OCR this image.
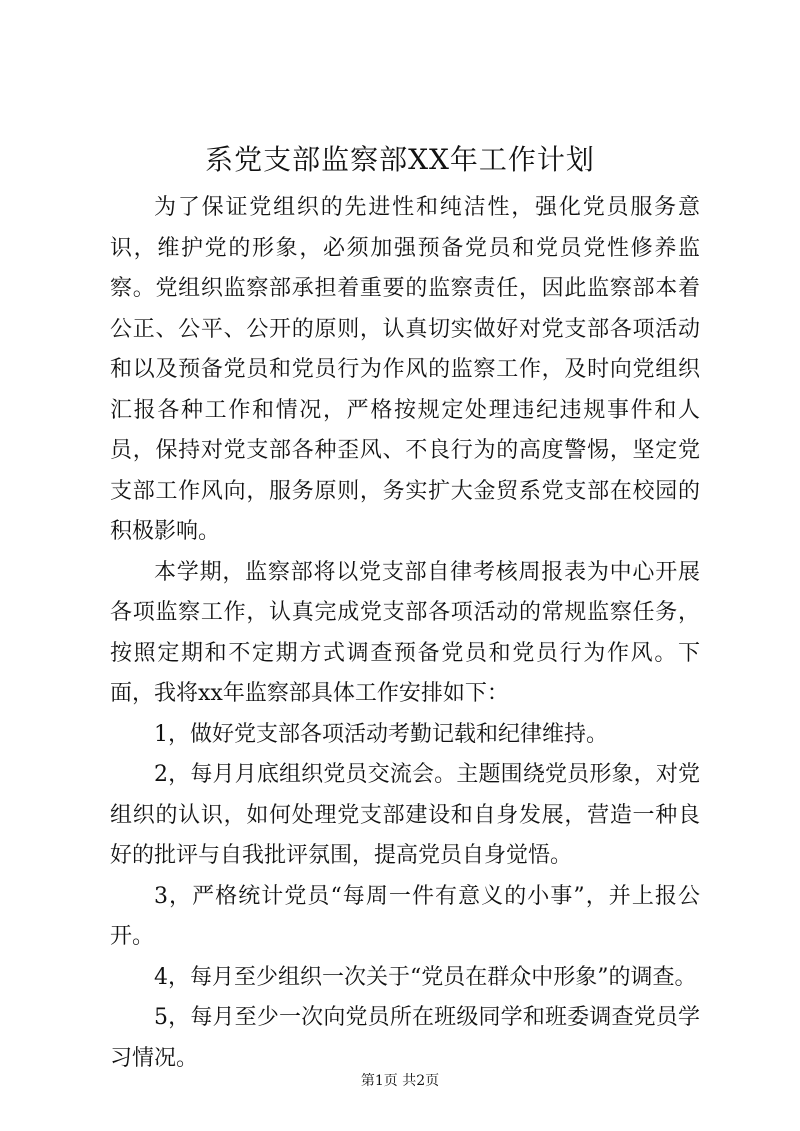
系党支部监察部XX年工作计划

为了保证党组织的先进性和纯洁性，强化党员服务意识，维护党的形象，必须加强预备党员和党员党性修养监察。党组织监察部承担着重要的监察责任，因此监察部本着公正、公平、公开的原则，认真切实做好对党支部各项活动和以及预备党员和党员行为作风的监察工作，及时向党组织汇报各种工作和情况，严格按规定处理违纪违规事件和人员，保持对党支部各种歪风、不良行为的高度警惕，坚定党支部工作风向，服务原则，务实扩大金贸系党支部在校园的积极影响。

本学期，监察部将以党支部自律考核周报表为中心开展各项监察工作，认真完成党支部各项活动的常规监察任务，按照定期和不定期方式调查预备党员和党员行为作风。下面，我将xx年监察部具体工作安排如下：

1，做好党支部各项活动考勤记载和纪律维持。

2，每月月底组织党员交流会。主题围绕党员形象，对党组织的认识，如何处理党支部建设和自身发展，营造一种良好的批评与自我批评氛围，提高党员自身觉悟。

3，严格统计党员“每周一件有意义的小事”，并上报公开。

4，每月至少组织一次关于“党员在群众中形象”的调查。

5，每月至少一次向党员所在班级同学和班委调查党员学习情况。

第1页 共2页
